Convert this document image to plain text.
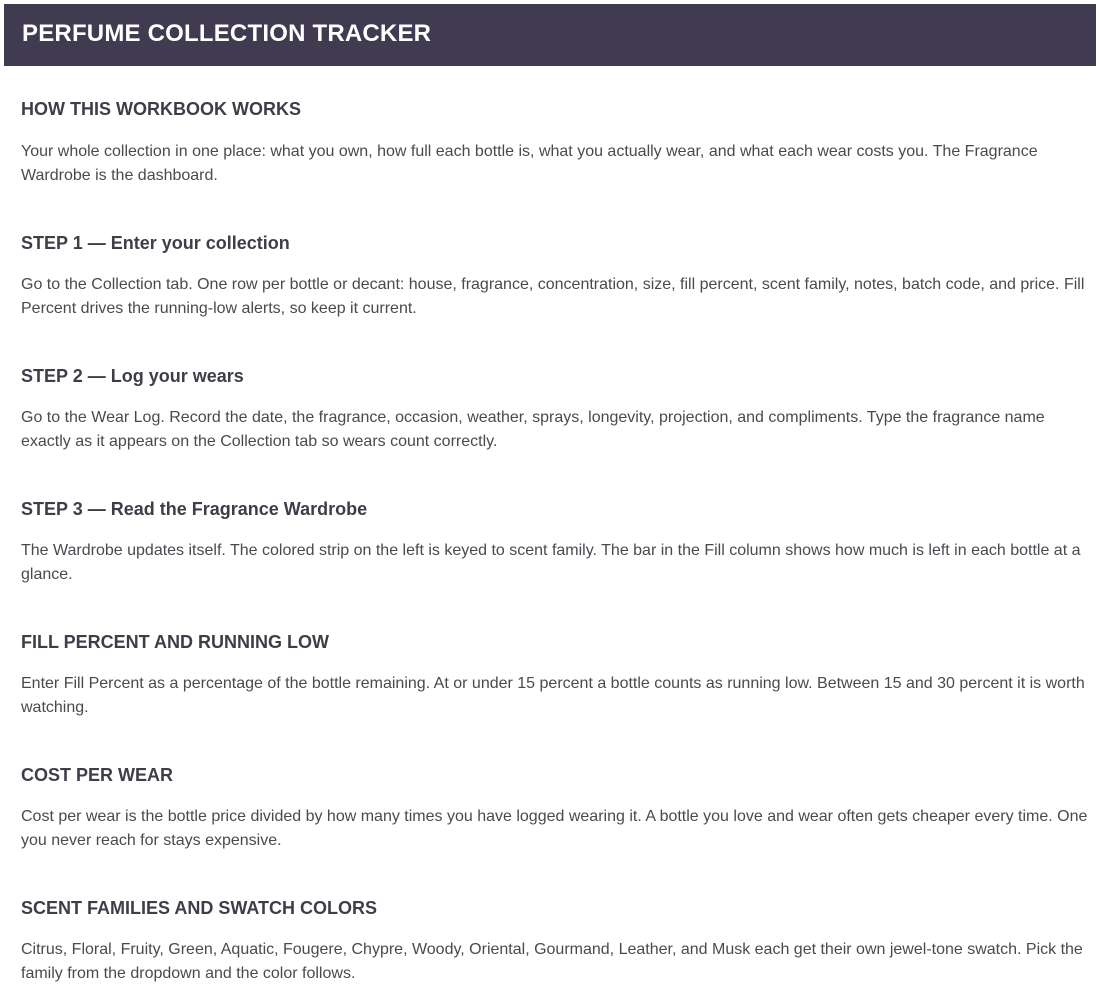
PERFUME COLLECTION TRACKER
HOW THIS WORKBOOK WORKS

Your whole collection in one place: what you own, how full each bottle is, what you actually wear, and what each wear costs you. The Fragrance Wardrobe is the dashboard.

STEP 1 — Enter your collection

Go to the Collection tab. One row per bottle or decant: house, fragrance, concentration, size, fill percent, scent family, notes, batch code, and price. Fill Percent drives the running-low alerts, so keep it current.

STEP 2 — Log your wears

Go to the Wear Log. Record the date, the fragrance, occasion, weather, sprays, longevity, projection, and compliments. Type the fragrance name exactly as it appears on the Collection tab so wears count correctly.

STEP 3 — Read the Fragrance Wardrobe

The Wardrobe updates itself. The colored strip on the left is keyed to scent family. The bar in the Fill column shows how much is left in each bottle at a glance.

FILL PERCENT AND RUNNING LOW

Enter Fill Percent as a percentage of the bottle remaining. At or under 15 percent a bottle counts as running low. Between 15 and 30 percent it is worth watching.

COST PER WEAR

Cost per wear is the bottle price divided by how many times you have logged wearing it. A bottle you love and wear often gets cheaper every time. One you never reach for stays expensive.

SCENT FAMILIES AND SWATCH COLORS

Citrus, Floral, Fruity, Green, Aquatic, Fougere, Chypre, Woody, Oriental, Gourmand, Leather, and Musk each get their own jewel-tone swatch. Pick the family from the dropdown and the color follows.
